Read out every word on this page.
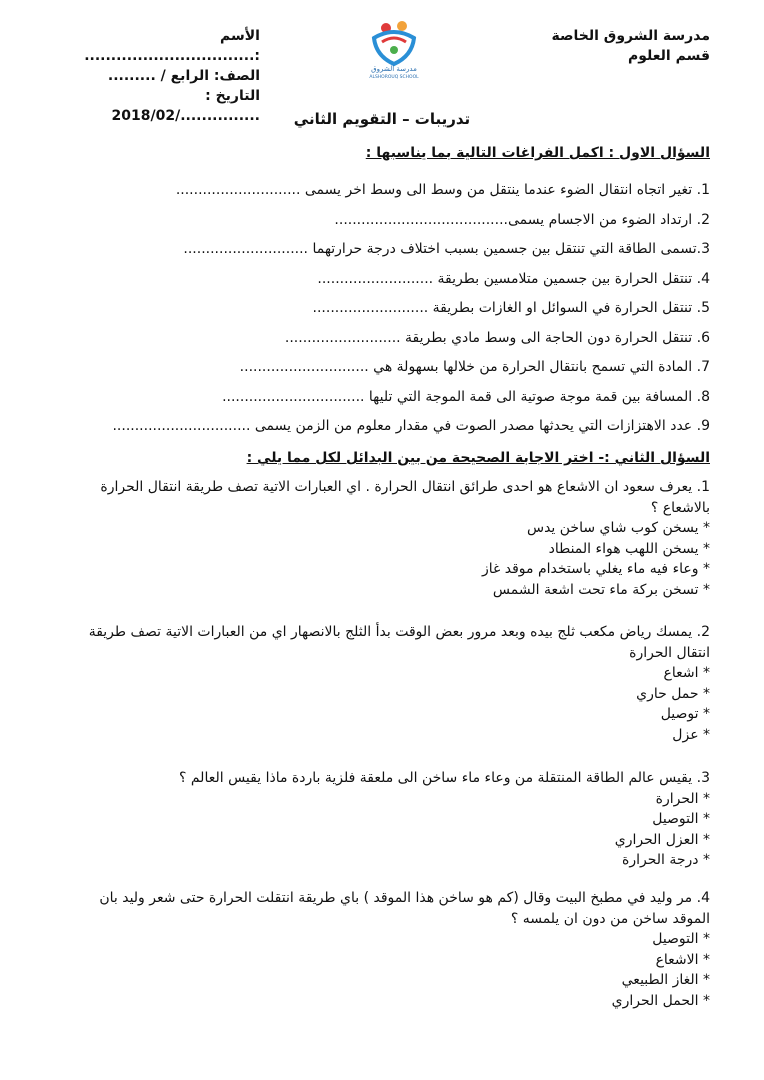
مدرسة الشروق الخاصة
قسم العلوم
مدرسة الشروق
ALSHOROUQ SCHOOL
الأسم :................................
الصف: الرابع / .........
التاريخ : .............../2018/02	تدريبات – التقويم الثاني
السؤال الاول : اكمل الفراغات التالية بما يناسبها :
1. تغير اتجاه انتقال الضوء عندما ينتقل من وسط الى وسط اخر يسمى ............................
2. ارتداد الضوء من الاجسام يسمى.......................................
3.تسمى الطاقة التي تنتقل بين جسمين بسبب اختلاف درجة حرارتهما ............................
4. تنتقل الحرارة بين جسمين متلامسين بطريقة ..........................
5. تنتقل الحرارة في السوائل او الغازات بطريقة ..........................
6. تنتقل الحرارة دون الحاجة الى وسط مادي بطريقة ..........................
7. المادة التي تسمح بانتقال الحرارة من خلالها بسهولة هي .............................
8. المسافة بين قمة موجة صوتية الى قمة الموجة التي تليها ................................
9. عدد الاهتزازات التي يحدثها مصدر الصوت في مقدار معلوم من الزمن يسمى ...............................
السؤال الثاني :- اختر الاجابة الصحيحة من بين البدائل لكل مما يلي :

1. يعرف سعود ان الاشعاع هو احدى طرائق انتقال الحرارة . اي العبارات الاتية تصف طريقة انتقال الحرارة بالاشعاع ؟

* يسخن كوب شاي ساخن يدس

* يسخن اللهب هواء المنطاد

* وعاء فيه ماء يغلي باستخدام موقد غاز

* تسخن بركة ماء تحت اشعة الشمس

2. يمسك رياض مكعب ثلج بيده وبعد مرور بعض الوقت بدأ الثلج بالانصهار اي من العبارات الاتية تصف طريقة انتقال الحرارة

* اشعاع

* حمل حاري

* توصيل

* عزل

3. يقيس عالم الطاقة المنتقلة من وعاء ماء ساخن الى ملعقة فلزية باردة ماذا يقيس العالم ؟

* الحرارة

* التوصيل

* العزل الحراري

* درجة الحرارة

4. مر وليد في مطبخ البيت وقال (كم هو ساخن هذا الموقد ) باي طريقة انتقلت الحرارة حتى شعر وليد بان الموقد ساخن من دون ان يلمسه ؟

* التوصيل

* الاشعاع

* الغاز الطبيعي

* الحمل الحراري
